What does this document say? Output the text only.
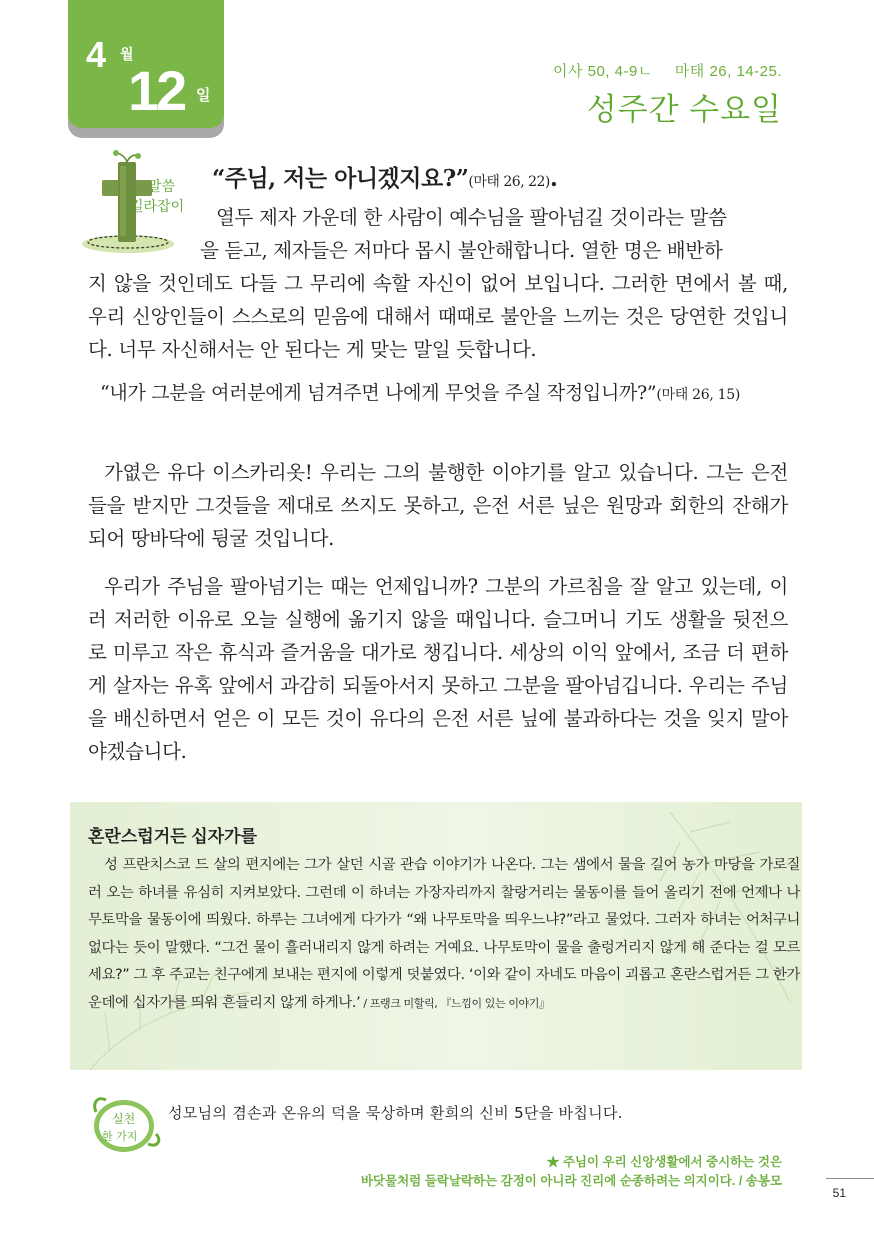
4 월
12 일
이사 50, 4-9ㄴ 마태 26, 14-25.
성주간 수요일
말씀
길라잡이
“주님, 저는 아니겠지요?”(마태 26, 22).
열두 제자 가운데 한 사람이 예수님을 팔아넘길 것이라는 말씀
을 듣고, 제자들은 저마다 몹시 불안해합니다. 열한 명은 배반하
지 않을 것인데도 다들 그 무리에 속할 자신이 없어 보입니다. 그러한 면에서 볼 때, 우리 신앙인들이 스스로의 믿음에 대해서 때때로 불안을 느끼는 것은 당연한 것입니다. 너무 자신해서는 안 된다는 게 맞는 말일 듯합니다.
“내가 그분을 여러분에게 넘겨주면 나에게 무엇을 주실 작정입니까?”(마태 26, 15)
가엾은 유다 이스카리옷! 우리는 그의 불행한 이야기를 알고 있습니다. 그는 은전들을 받지만 그것들을 제대로 쓰지도 못하고, 은전 서른 닢은 원망과 회한의 잔해가 되어 땅바닥에 뒹굴 것입니다.
우리가 주님을 팔아넘기는 때는 언제입니까? 그분의 가르침을 잘 알고 있는데, 이러 저러한 이유로 오늘 실행에 옮기지 않을 때입니다. 슬그머니 기도 생활을 뒷전으로 미루고 작은 휴식과 즐거움을 대가로 챙깁니다. 세상의 이익 앞에서, 조금 더 편하게 살자는 유혹 앞에서 과감히 되돌아서지 못하고 그분을 팔아넘깁니다. 우리는 주님을 배신하면서 얻은 이 모든 것이 유다의 은전 서른 닢에 불과하다는 것을 잊지 말아야겠습니다.
혼란스럽거든 십자가를
성 프란치스코 드 살의 편지에는 그가 살던 시골 관습 이야기가 나온다. 그는 샘에서 물을 길어 농가 마당을 가로질러 오는 하녀를 유심히 지켜보았다. 그런데 이 하녀는 가장자리까지 찰랑거리는 물동이를 들어 올리기 전에 언제나 나무토막을 물동이에 띄웠다. 하루는 그녀에게 다가가 “왜 나무토막을 띄우느냐?”라고 물었다. 그러자 하녀는 어처구니없다는 듯이 말했다. “그건 물이 흘러내리지 않게 하려는 거예요. 나무토막이 물을 출렁거리지 않게 해 준다는 걸 모르세요?” 그 후 주교는 친구에게 보내는 편지에 이렇게 덧붙였다. ‘이와 같이 자네도 마음이 괴롭고 혼란스럽거든 그 한가운데에 십자가를 띄워 흔들리지 않게 하게나.’ / 프랭크 미할릭, 『느낌이 있는 이야기』
실천
한 가지
성모님의 겸손과 온유의 덕을 묵상하며 환희의 신비 5단을 바칩니다.
★ 주님이 우리 신앙생활에서 중시하는 것은
바닷물처럼 들락날락하는 감정이 아니라 진리에 순종하려는 의지이다. / 송봉모
51
